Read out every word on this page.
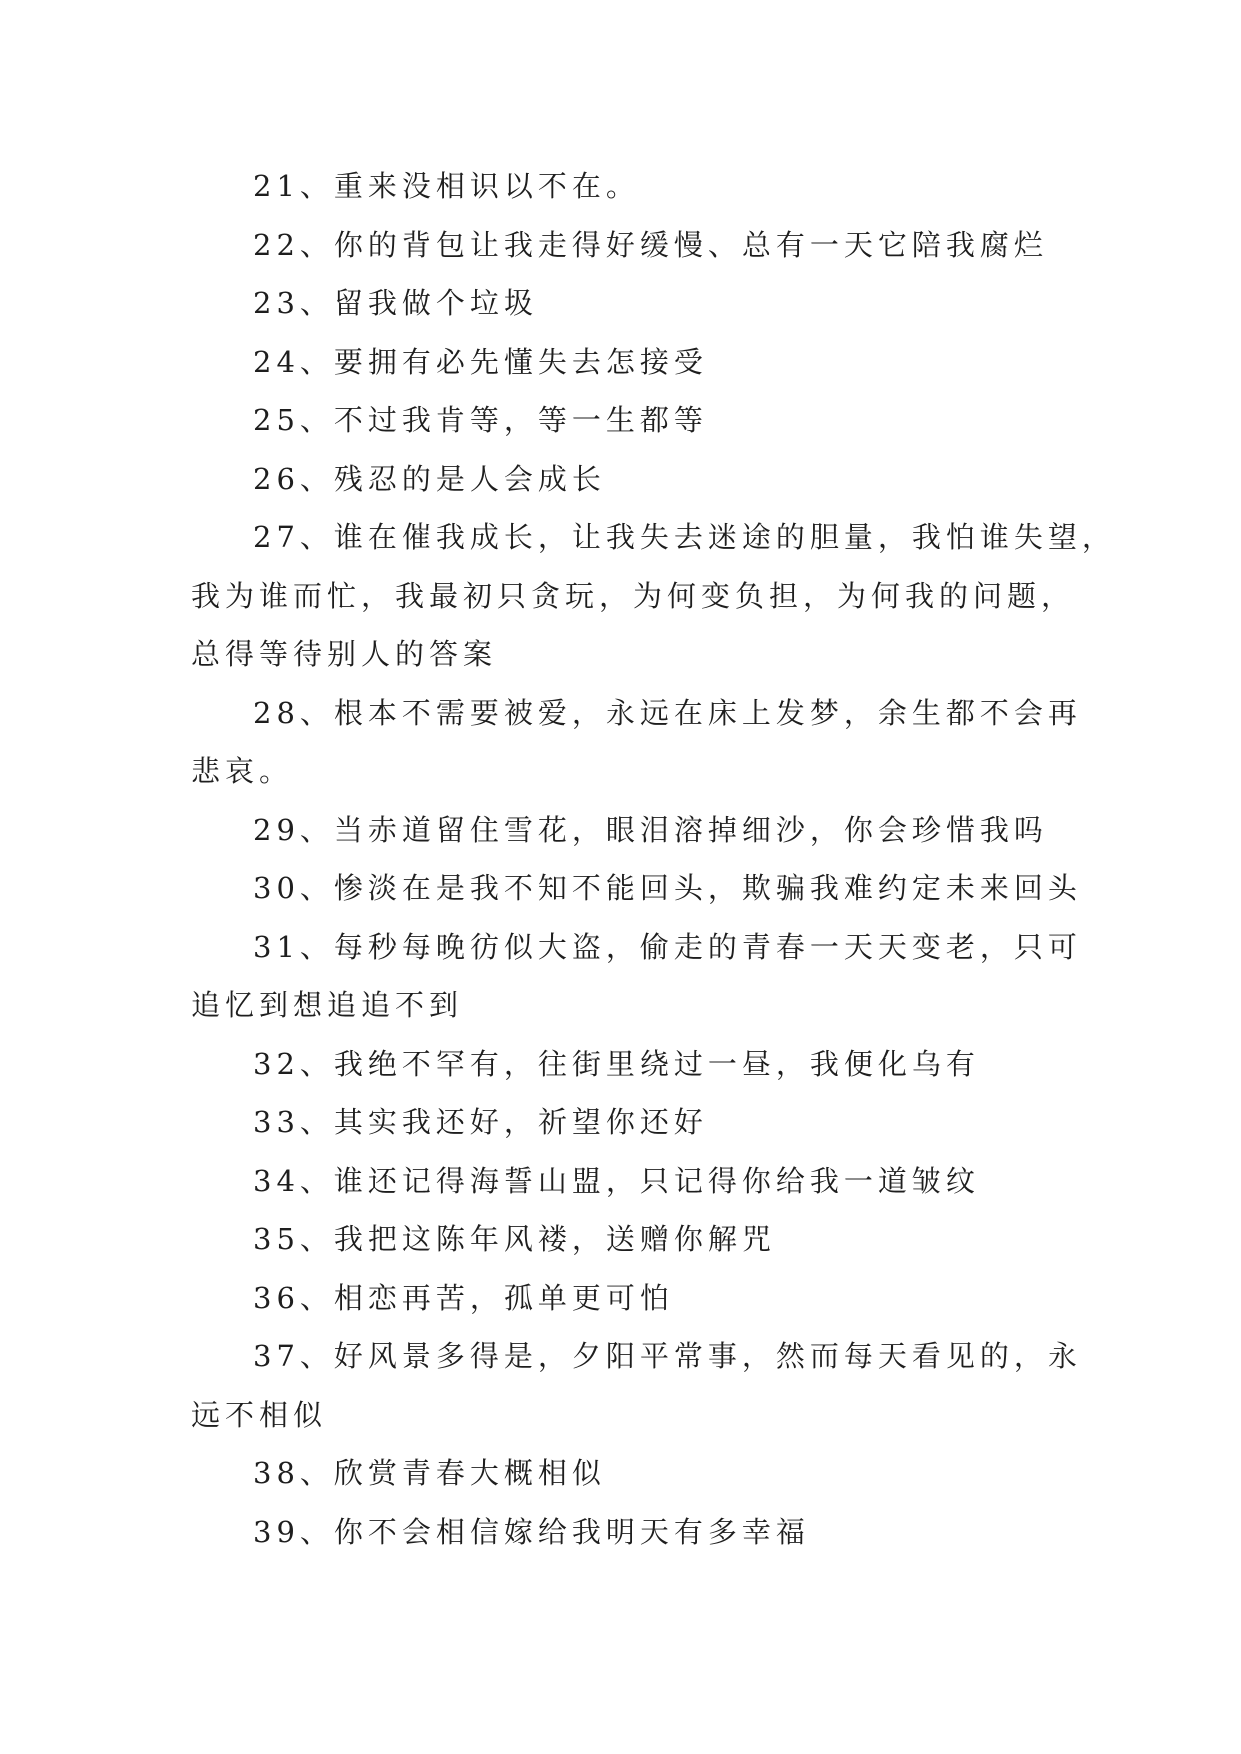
21、重来没相识以不在。
22、你的背包让我走得好缓慢、总有一天它陪我腐烂
23、留我做个垃圾
24、要拥有必先懂失去怎接受
25、不过我肯等，等一生都等
26、残忍的是人会成长
27、谁在催我成长，让我失去迷途的胆量，我怕谁失望，
我为谁而忙，我最初只贪玩，为何变负担，为何我的问题，
总得等待别人的答案
28、根本不需要被爱，永远在床上发梦，余生都不会再
悲哀。
29、当赤道留住雪花，眼泪溶掉细沙，你会珍惜我吗
30、惨淡在是我不知不能回头，欺骗我难约定未来回头
31、每秒每晚彷似大盗，偷走的青春一天天变老，只可
追忆到想追追不到
32、我绝不罕有，往街里绕过一昼，我便化乌有
33、其实我还好，祈望你还好
34、谁还记得海誓山盟，只记得你给我一道皱纹
35、我把这陈年风褛，送赠你解咒
36、相恋再苦，孤单更可怕
37、好风景多得是，夕阳平常事，然而每天看见的，永
远不相似
38、欣赏青春大概相似
39、你不会相信嫁给我明天有多幸福
